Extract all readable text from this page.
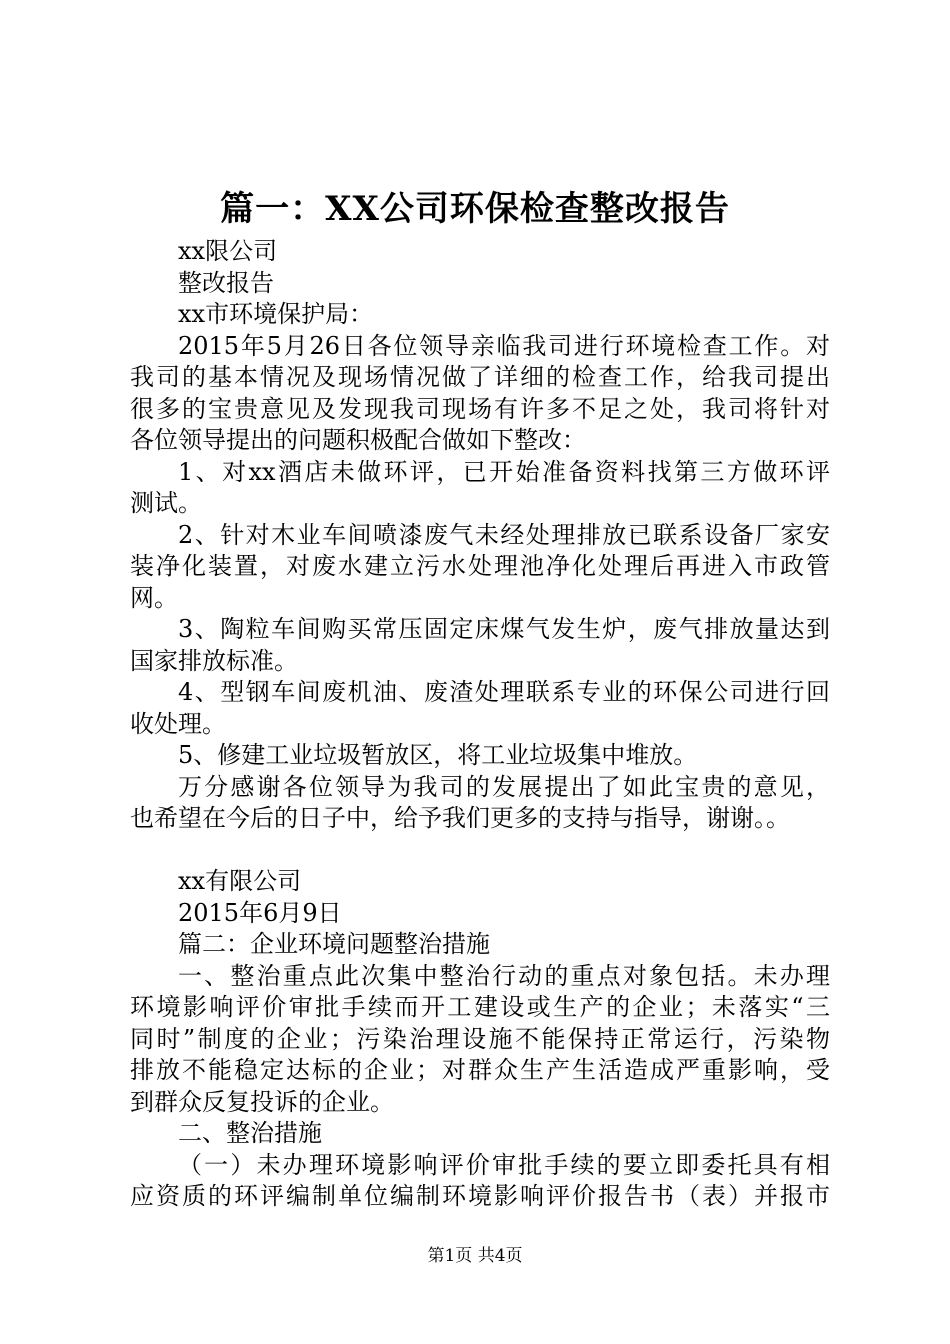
篇一：XX公司环保检查整改报告
xx限公司
整改报告
xx市环境保护局：
2015年5月26日各位领导亲临我司进行环境检查工作。对
我司的基本情况及现场情况做了详细的检查工作，给我司提出
很多的宝贵意见及发现我司现场有许多不足之处，我司将针对
各位领导提出的问题积极配合做如下整改：
1、对xx酒店未做环评，已开始准备资料找第三方做环评
测试。
2、针对木业车间喷漆废气未经处理排放已联系设备厂家安
装净化装置，对废水建立污水处理池净化处理后再进入市政管
网。
3、陶粒车间购买常压固定床煤气发生炉，废气排放量达到
国家排放标准。
4、型钢车间废机油、废渣处理联系专业的环保公司进行回
收处理。
5、修建工业垃圾暂放区，将工业垃圾集中堆放。
万分感谢各位领导为我司的发展提出了如此宝贵的意见，
也希望在今后的日子中，给予我们更多的支持与指导，谢谢。。
xx有限公司
2015年6月9日
篇二：企业环境问题整治措施
一、整治重点此次集中整治行动的重点对象包括。未办理
环境影响评价审批手续而开工建设或生产的企业；未落实“三
同时”制度的企业；污染治理设施不能保持正常运行，污染物
排放不能稳定达标的企业；对群众生产生活造成严重影响，受
到群众反复投诉的企业。
二、整治措施
（一）未办理环境影响评价审批手续的要立即委托具有相
应资质的环评编制单位编制环境影响评价报告书（表）并报市
第1页 共4页
